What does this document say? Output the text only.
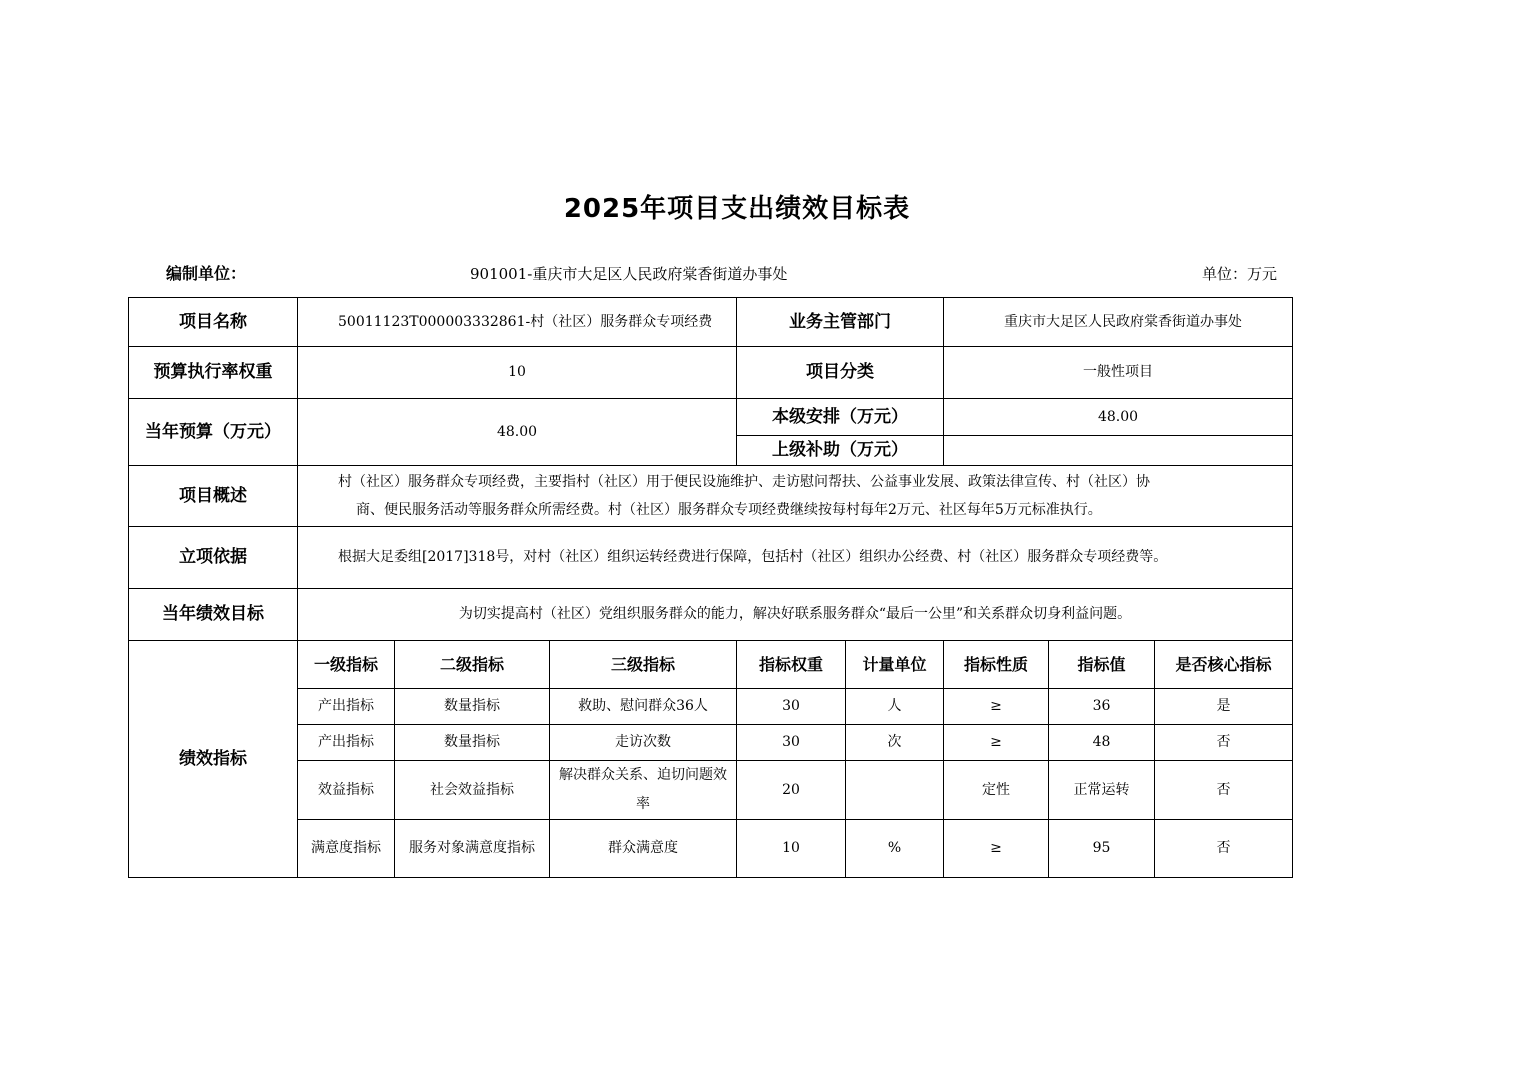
2025年项目支出绩效目标表
编制单位：	901001-重庆市大足区人民政府棠香街道办事处	单位：万元
项目名称	50011123T000003332861-村（社区）服务群众专项经费			业务主管部门		重庆市大足区人民政府棠香街道办事处		
预算执行率权重	10			项目分类		一般性项目		
当年预算（万元）	48.00			本级安排（万元）		48.00		
				上级补助（万元）				
项目概述	村（社区）服务群众专项经费，主要指村（社区）用于便民设施维护、走访慰问帮扶、公益事业发展、政策法律宣传、村（社区）协
商、便民服务活动等服务群众所需经费。村（社区）服务群众专项经费继续按每村每年2万元、社区每年5万元标准执行。							

立项依据	根据大足委组[2017]318号，对村（社区）组织运转经费进行保障，包括村（社区）组织办公经费、村（社区）服务群众专项经费等。							
当年绩效目标	为切实提高村（社区）党组织服务群众的能力，解决好联系服务群众“最后一公里”和关系群众切身利益问题。							
绩效指标	一级指标	二级指标	三级指标	指标权重	计量单位	指标性质	指标值	是否核心指标
	产出指标	数量指标	救助、慰问群众36人	30	人	≥	36	是
	产出指标	数量指标	走访次数	30	次	≥	48	否
	效益指标	社会效益指标	解决群众关系、迫切问题效率	20		定性	正常运转	否
	满意度指标	服务对象满意度指标	群众满意度	10	%	≥	95	否
